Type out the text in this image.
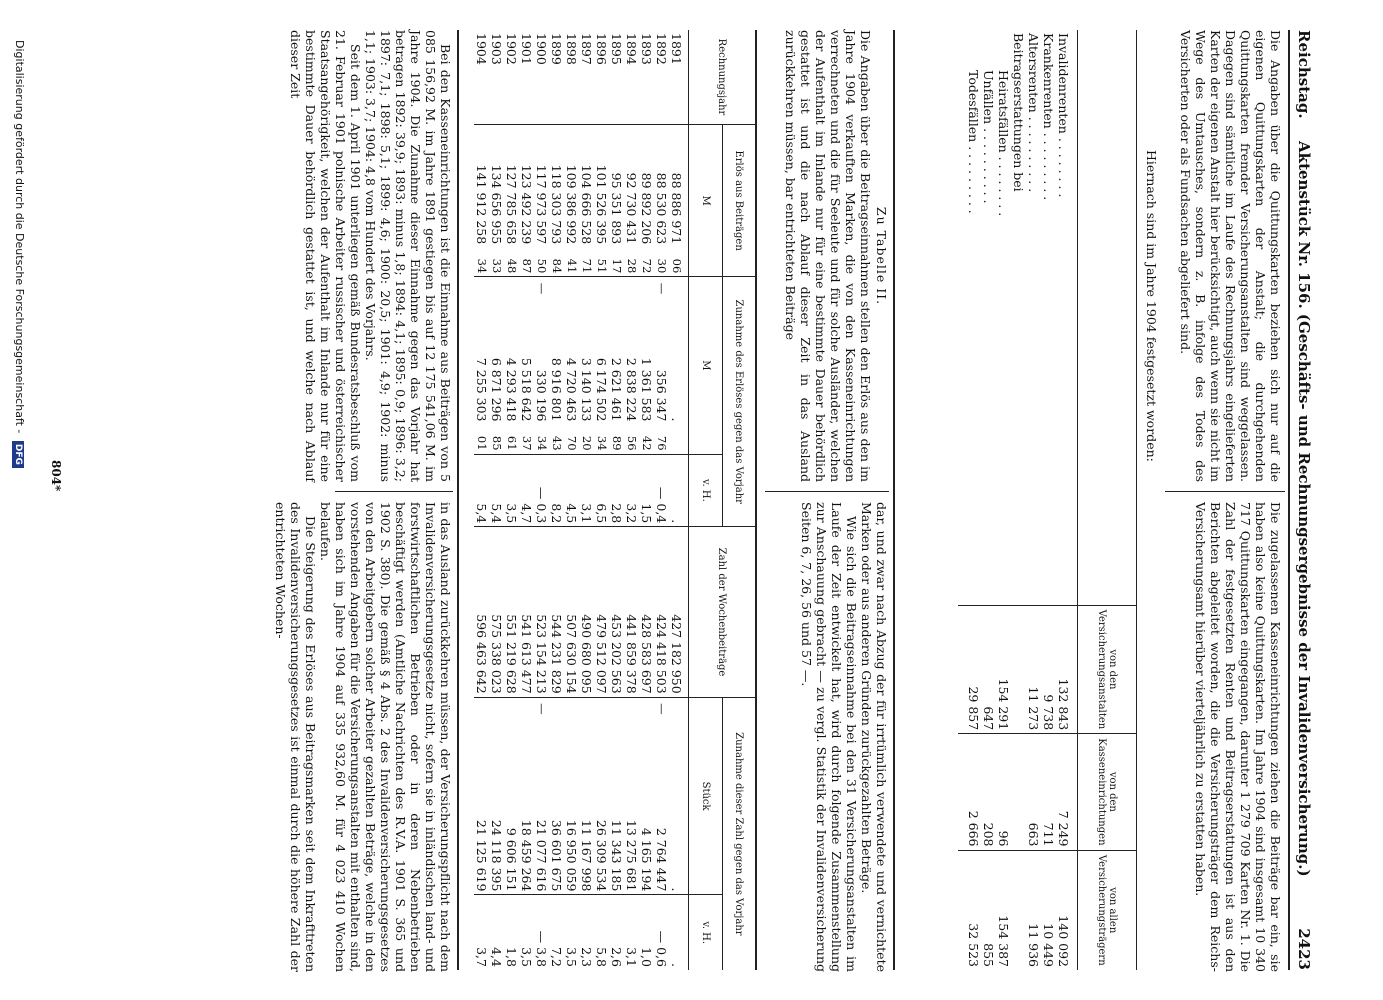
Reichstag.  Aktenstück Nr. 156. (Geschäfts- und Rechnungsergebnisse der Invalidenversicherung.)
2423

Die Angaben über die Quittungskarten beziehen sich nur auf die eigenen Quittungskarten der Anstalt; die durchgehenden Quittungskarten fremder Versicherungsanstalten sind weggelassen. Dagegen sind sämtliche im Laufe des Rechnungsjahrs eingelieferten Karten der eigenen Anstalt hier berücksichtigt, auch wenn sie nicht im Wege des Umtausches, sondern z. B. infolge des Todes des Versicherten oder als Fundsachen abgeliefert sind.

Die zugelassenen Kasseneinrichtungen ziehen die Beiträge bar ein, sie haben also keine Quittungskarten. Im Jahre 1904 sind insgesamt 10 340 717 Quittungskarten eingegangen, darunter 1 279 709 Karten Nr. 1. Die Zahl der festgesetzten Renten und Beitragserstattungen ist aus den Berichten abgeleitet worden, die die Versicherungsträger dem Reichs-Versicherungsamt hierüber vierteljährlich zu erstatten haben.

Hiernach sind im Jahre 1904 festgesetzt worden:
	von den Versicherungsanstalten	von den Kasseneinrichtungen	von allen Versicherungsträgern
Invalidenrenten . . . . . . . .	132 843	7 249	140 092
Krankenrenten . . . . . . . . .	9 738	711	10 449
Altersrenten . . . . . . . . . .	11 273	663	11 936
Beitragserstattungen bei			
Heiratsfällen . . . . . . . .	154 291	96	154 387
Unfällen . . . . . . . . . .	647	208	855
Todesfällen . . . . . . . . .	29 857	2 666	32 523
Zu Tabelle II.

Die Angaben über die Beitragseinnahmen stellen den Erlös aus den im Jahre 1904 verkauften Marken, die von den Kasseneinrichtungen verrechneten und die für Seeleute und für solche Ausländer, welchen der Aufenthalt im Inlande nur für eine bestimmte Dauer behördlich gestattet ist und die nach Ablauf dieser Zeit in das Ausland zurückkehren müssen, bar entrichteten Beiträge

dar, und zwar nach Abzug der für irrtümlich verwendete und vernichtete Marken oder aus anderen Gründen zurückgezahlten Beträge.

Wie sich die Beitragseinnahme bei den 31 Versicherungsanstalten im Laufe der Zeit entwickelt hat, wird durch folgende Zusammenstellung zur Anschauung gebracht — zu vergl. Statistik der Invalidenversicherung Seiten 6, 7, 26, 56 und 57 —.

Rechnungsjahr	Erlös aus Beiträgen		Zunahme des Erlöses gegen das Vorjahr				Zahl der Wochenbeiträge	Zunahme dieser Zahl gegen das Vorjahr		
	M		M			v. H.		Stück		v. H.
1891	88 886 971	06		.		.	427 182 950		.	.
1892	88 530 623	30	—	356 347	76	— 0,4	424 418 503	—	2 764 447	— 0,6
1893	89 892 206	72		1 361 583	42	1,5	428 583 697		4 165 194	1,0
1894	92 730 431	28		2 838 224	56	3,2	441 859 378		13 275 681	3,1
1895	95 351 893	17		2 621 461	89	2,8	453 202 563		11 343 185	2,6
1896	101 526 395	51		6 174 502	34	6,5	479 512 097		26 309 534	5,8
1897	104 666 528	71		3 140 133	20	3,1	490 680 095		11 167 998	2,3
1898	109 386 992	41		4 720 463	70	4,5	507 630 154		16 950 059	3,5
1899	118 303 793	84		8 916 801	43	8,2	544 231 829		36 601 675	7,2
1900	117 973 597	50	—	330 196	34	— 0,3	523 154 213	—	21 077 616	— 3,8
1901	123 492 239	87		5 518 642	37	4,7	541 613 477		18 459 264	3,5
1902	127 785 658	48		4 293 418	61	3,5	551 219 628		9 606 151	1,8
1903	134 656 955	33		6 871 296	85	5,4	575 338 023		24 118 395	4,4
1904	141 912 258	34		7 255 303	01	5,4	596 463 642		21 125 619	3,7

Bei den Kasseneinrichtungen ist die Einnahme aus Beiträgen von 5 085 156,92 M. im Jahre 1891 gestiegen bis auf 12 175 541,06 M. im Jahre 1904. Die Zunahme dieser Einnahme gegen das Vorjahr hat betragen 1892: 39,9; 1893: minus 1,8; 1894: 4,1; 1895: 0,9; 1896: 3,2; 1897: 7,1; 1898: 5,1; 1899: 4,6; 1900: 20,5; 1901: 4,9; 1902: minus 1,1; 1903: 3,7; 1904: 4,8 vom Hundert des Vorjahrs.

Seit dem 1. April 1901 unterliegen gemäß Bundesratsbeschluß vom 21. Februar 1901 polnische Arbeiter russischer und österreichischer Staatsangehörigkeit, welchen der Aufenthalt im Inlande nur für eine bestimmte Dauer behördlich gestattet ist, und welche nach Ablauf dieser Zeit

in das Ausland zurückkehren müssen, der Versicherungspflicht nach dem Invalidenversicherungsgesetze nicht, sofern sie in inländischen land- und forstwirtschaftlichen Betrieben oder in deren Nebenbetrieben beschäftigt werden (Amtliche Nachrichten des R.V.A. 1901 S. 365 und 1902 S. 380). Die gemäß § 4 Abs. 2 des Invalidenversicherungsgesetzes von den Arbeitgebern solcher Arbeiter gezahlten Beträge, welche in den vorstehenden Angaben für die Versicherungsanstalten mit enthalten sind, haben sich im Jahre 1904 auf 335 932,60 M. für 4 023 410 Wochen belaufen.

Die Steigerung des Erlöses aus Beitragsmarken seit dem Inkrafttreten des Invalidenversicherungsgesetzes ist einmal durch die höhere Zahl der entrichteten Wochen-

804*
Digitalisierung gefördert durch die Deutsche Forschungsgemeinschaft - DFG
